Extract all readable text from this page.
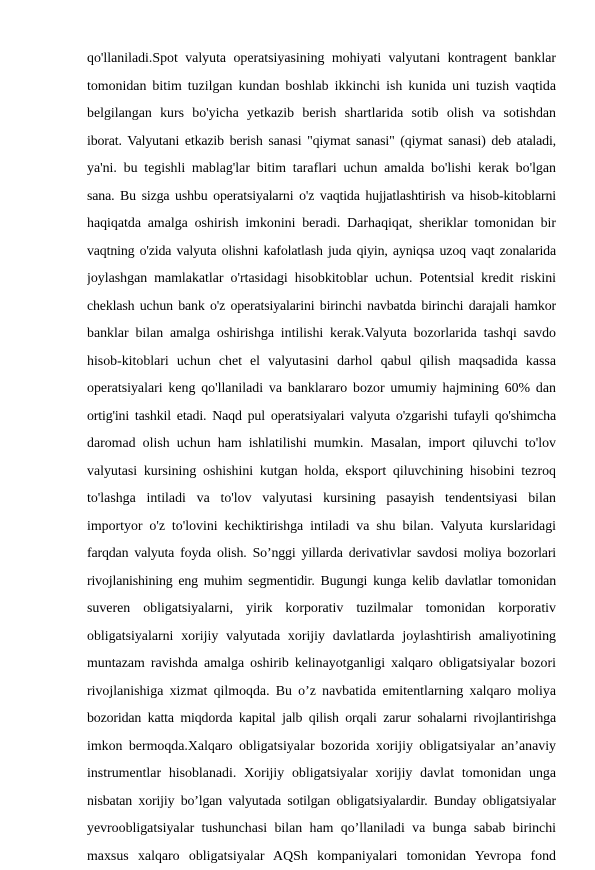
qo'llaniladi.Spot valyuta operatsiyasining mohiyati valyutani kontragent banklar
tomonidan bitim tuzilgan kundan boshlab ikkinchi ish kunida uni tuzish vaqtida
belgilangan kurs bo'yicha yetkazib berish shartlarida sotib olish va sotishdan
iborat. Valyutani etkazib berish sanasi "qiymat sanasi" (qiymat sanasi) deb ataladi,
ya'ni. bu tegishli mablag'lar bitim taraflari uchun amalda bo'lishi kerak bo'lgan
sana. Bu sizga ushbu operatsiyalarni o'z vaqtida hujjatlashtirish va hisob-kitoblarni
haqiqatda amalga oshirish imkonini beradi. Darhaqiqat, sheriklar tomonidan bir
vaqtning o'zida valyuta olishni kafolatlash juda qiyin, ayniqsa uzoq vaqt zonalarida
joylashgan mamlakatlar o'rtasidagi hisobkitoblar uchun. Potentsial kredit riskini
cheklash uchun bank o'z operatsiyalarini birinchi navbatda birinchi darajali hamkor
banklar bilan amalga oshirishga intilishi kerak.Valyuta bozorlarida tashqi savdo
hisob-kitoblari uchun chet el valyutasini darhol qabul qilish maqsadida kassa
operatsiyalari keng qo'llaniladi va banklararo bozor umumiy hajmining 60% dan
ortig'ini tashkil etadi. Naqd pul operatsiyalari valyuta o'zgarishi tufayli qo'shimcha
daromad olish uchun ham ishlatilishi mumkin. Masalan, import qiluvchi to'lov
valyutasi kursining oshishini kutgan holda, eksport qiluvchining hisobini tezroq
to'lashga intiladi va to'lov valyutasi kursining pasayish tendentsiyasi bilan
importyor o'z to'lovini kechiktirishga intiladi va shu bilan. Valyuta kurslaridagi
farqdan valyuta foyda olish. So’nggi yillarda derivativlar savdosi moliya bozorlari
rivojlanishining eng muhim segmentidir. Bugungi kunga kelib davlatlar tomonidan
suveren obligatsiyalarni, yirik korporativ tuzilmalar tomonidan korporativ
obligatsiyalarni xorijiy valyutada xorijiy davlatlarda joylashtirish amaliyotining
muntazam ravishda amalga oshirib kelinayotganligi xalqaro obligatsiyalar bozori
rivojlanishiga xizmat qilmoqda. Bu o’z navbatida emitentlarning xalqaro moliya
bozoridan katta miqdorda kapital jalb qilish orqali zarur sohalarni rivojlantirishga
imkon bermoqda.Xalqaro obligatsiyalar bozorida xorijiy obligatsiyalar an’anaviy
instrumentlar hisoblanadi. Xorijiy obligatsiyalar xorijiy davlat tomonidan unga
nisbatan xorijiy bo’lgan valyutada sotilgan obligatsiyalardir. Bunday obligatsiyalar
yevroobligatsiyalar tushunchasi bilan ham qo’llaniladi va bunga sabab birinchi
maxsus xalqaro obligatsiyalar AQSh kompaniyalari tomonidan Yevropa fond
